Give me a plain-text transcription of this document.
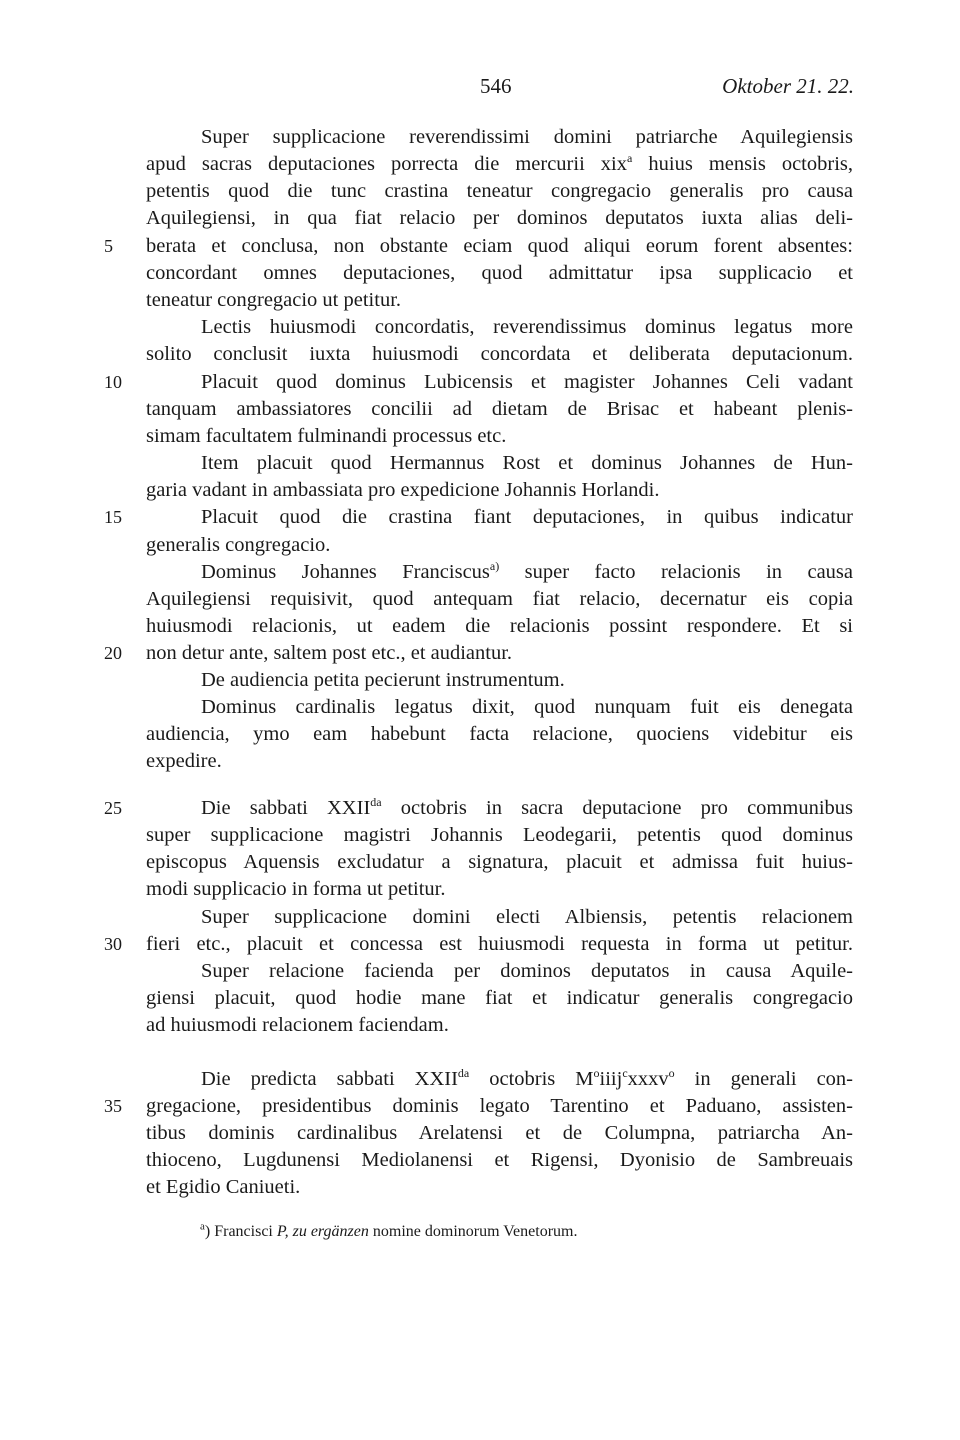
546	Oktober 21. 22.
5
10
15
20
25
30
35
Super supplicacione reverendissimi domini patriarche Aquilegiensis
apud sacras deputaciones porrecta die mercurii xix$^a$ huius mensis octobris,
petentis quod die tunc crastina teneatur congregacio generalis pro causa
Aquilegiensi, in qua fiat relacio per dominos deputatos iuxta alias deli-
berata et conclusa, non obstante eciam quod aliqui eorum forent absentes:
concordant omnes deputaciones, quod admittatur ipsa supplicacio et
teneatur congregacio ut petitur.
Lectis huiusmodi concordatis, reverendissimus dominus legatus more
solito conclusit iuxta huiusmodi concordata et deliberata deputacionum.
Placuit quod dominus Lubicensis et magister Johannes Celi vadant
tanquam ambassiatores concilii ad dietam de Brisac et habeant plenis-
simam facultatem fulminandi processus etc.
Item placuit quod Hermannus Rost et dominus Johannes de Hun-
garia vadant in ambassiata pro expedicione Johannis Horlandi.
Placuit quod die crastina fiant deputaciones, in quibus indicatur
generalis congregacio.
Dominus Johannes Franciscus$^{a)}$ super facto relacionis in causa
Aquilegiensi requisivit, quod antequam fiat relacio, decernatur eis copia
huiusmodi relacionis, ut eadem die relacionis possint respondere. Et si
non detur ante, saltem post etc., et audiantur.
De audiencia petita pecierunt instrumentum.
Dominus cardinalis legatus dixit, quod nunquam fuit eis denegata
audiencia, ymo eam habebunt facta relacione, quociens videbitur eis
expedire.
Die sabbati $XXII^{da}$ octobris in sacra deputacione pro communibus
super supplicacione magistri Johannis Leodegarii, petentis quod dominus
episcopus Aquensis excludatur a signatura, placuit et admissa fuit huius-
modi supplicacio in forma ut petitur.
Super supplicacione domini electi Albiensis, petentis relacionem
fieri etc., placuit et concessa est huiusmodi requesta in forma ut petitur.
Super relacione facienda per dominos deputatos in causa Aquile-
giensi placuit, quod hodie mane fiat et indicatur generalis congregacio
ad huiusmodi relacionem faciendam.
Die predicta sabbati $XXII^{da}$ octobris $M^oiiij^cxxxv^o$ in generali con-
gregacione, presidentibus dominis legato Tarentino et Paduano, assisten-
tibus dominis cardinalibus Arelatensi et de Columpna, patriarcha An-
thioceno, Lugdunensi Mediolanensi et Rigensi, Dyonisio de Sambreuais
et Egidio Caniueti.
$^a$) Francisci P, zu ergänzen nomine dominorum Venetorum.
